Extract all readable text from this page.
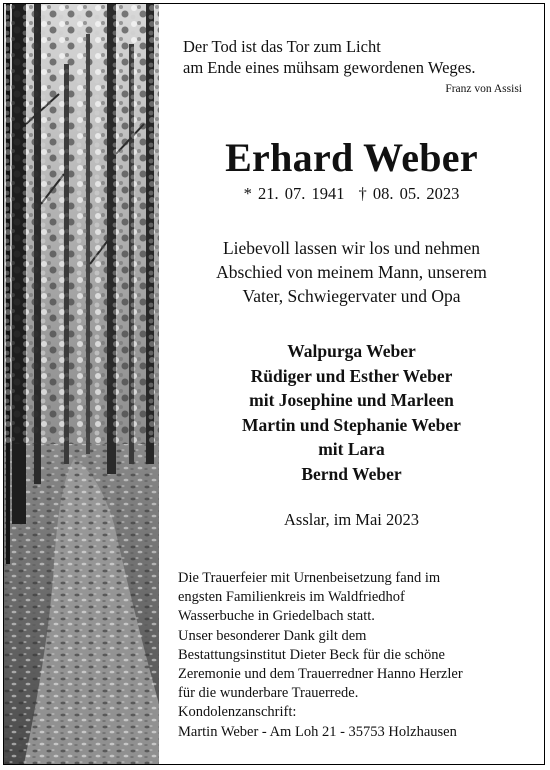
Der Tod ist das Tor zum Licht
am Ende eines mühsam gewordenen Weges.
Franz von Assisi
Erhard Weber
* 21. 07. 1941 † 08. 05. 2023
Liebevoll lassen wir los und nehmen
Abschied von meinem Mann, unserem
Vater, Schwiegervater und Opa
Walpurga Weber
Rüdiger und Esther Weber
mit Josephine und Marleen
Martin und Stephanie Weber
mit Lara
Bernd Weber
Asslar, im Mai 2023
Die Trauerfeier mit Urnenbeisetzung fand im
engsten Familienkreis im Waldfriedhof
Wasserbuche in Griedelbach statt.
Unser besonderer Dank gilt dem
Bestattungsinstitut Dieter Beck für die schöne
Zeremonie und dem Trauerredner Hanno Herzler
für die wunderbare Trauerrede.
Kondolenzanschrift:
Martin Weber - Am Loh 21 - 35753 Holzhausen
